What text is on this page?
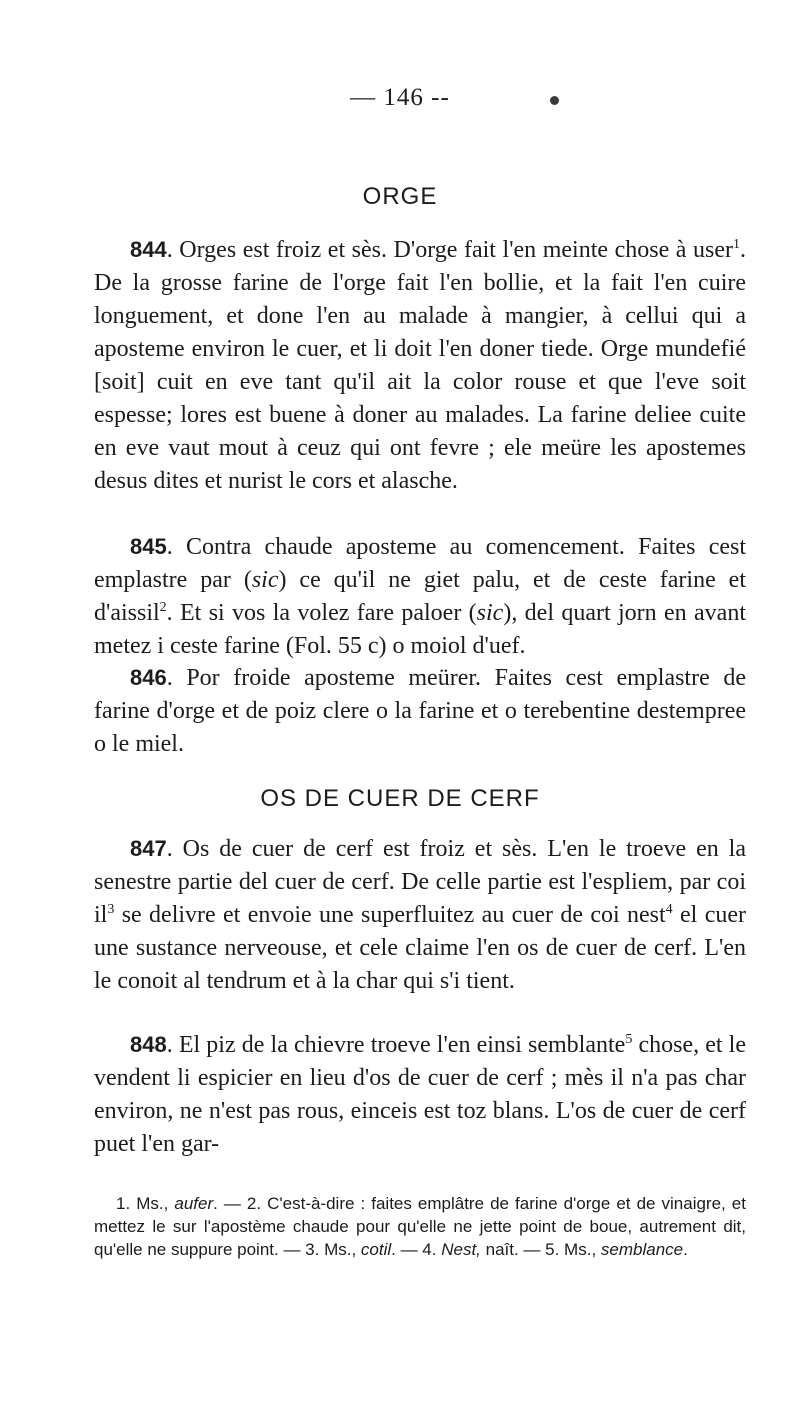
— 146 --
ORGE

844. Orges est froiz et sès. D'orge fait l'en meinte chose à user$^1$. De la grosse farine de l'orge fait l'en bollie, et la fait l'en cuire longuement, et done l'en au malade à mangier, à cellui qui a aposteme environ le cuer, et li doit l'en doner tiede. Orge mundefié [soit] cuit en eve tant qu'il ait la color rouse et que l'eve soit espesse; lores est buene à doner au malades. La farine deliee cuite en eve vaut mout à ceuz qui ont fevre ; ele meüre les apostemes desus dites et nurist le cors et alasche.

845. Contra chaude aposteme au comencement. Faites cest emplastre par (sic) ce qu'il ne giet palu, et de ceste farine et d'aissil$^2$. Et si vos la volez fare paloer (sic), del quart jorn en avant metez i ceste farine (Fol. 55 c) o moiol d'uef.

846. Por froide aposteme meürer. Faites cest emplastre de farine d'orge et de poiz clere o la farine et o terebentine destempree o le miel.

OS DE CUER DE CERF

847. Os de cuer de cerf est froiz et sès. L'en le troeve en la senestre partie del cuer de cerf. De celle partie est l'espliem, par coi $il^3$ se delivre et envoie une superfluitez au cuer de coi nest$^4$ el cuer une sustance nerveouse, et cele claime l'en os de cuer de cerf. L'en le conoit al tendrum et à la char qui s'i tient.

848. El piz de la chievre troeve l'en einsi semblante$^5$ chose, et le vendent li espicier en lieu d'os de cuer de cerf ; mès il n'a pas char environ, ne n'est pas rous, einceis est toz blans. L'os de cuer de cerf puet l'en gar-

1. Ms., aufer. — 2. C'est-à-dire : faites emplâtre de farine d'orge et de vinaigre, et mettez le sur l'apostème chaude pour qu'elle ne jette point de boue, autrement dit, qu'elle ne suppure point. — 3. Ms., cotil. — 4. Nest, naît. — 5. Ms., semblance.
